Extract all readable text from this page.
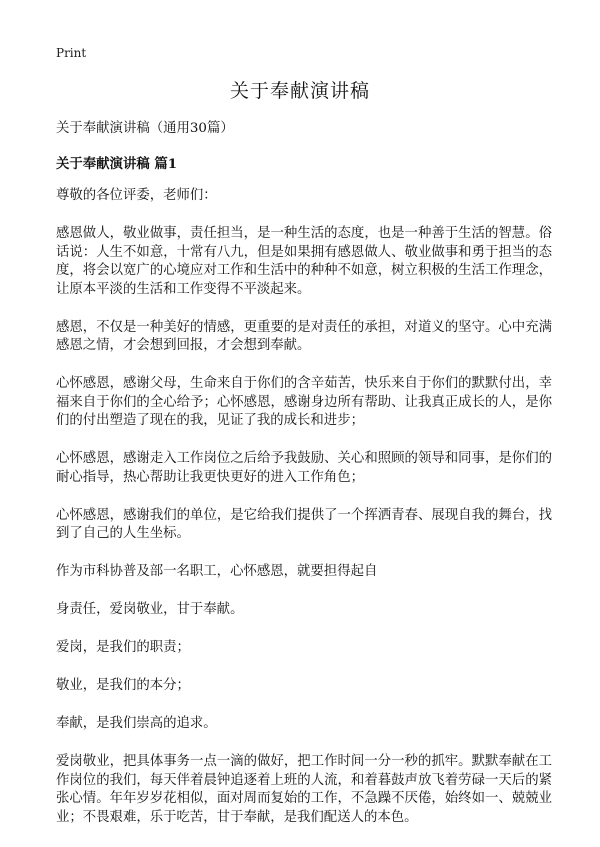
Print
关于奉献演讲稿

关于奉献演讲稿（通用30篇）

关于奉献演讲稿 篇1

尊敬的各位评委，老师们：

感恩做人，敬业做事，责任担当，是一种生活的态度，也是一种善于生活的智慧。俗话说：人生不如意，十常有八九，但是如果拥有感恩做人、敬业做事和勇于担当的态度，将会以宽广的心境应对工作和生活中的种种不如意，树立积极的生活工作理念，让原本平淡的生活和工作变得不平淡起来。

感恩，不仅是一种美好的情感，更重要的是对责任的承担，对道义的坚守。心中充满感恩之情，才会想到回报，才会想到奉献。

心怀感恩，感谢父母，生命来自于你们的含辛茹苦，快乐来自于你们的默默付出，幸福来自于你们的全心给予；心怀感恩，感谢身边所有帮助、让我真正成长的人，是你们的付出塑造了现在的我，见证了我的成长和进步；

心怀感恩，感谢走入工作岗位之后给予我鼓励、关心和照顾的领导和同事，是你们的耐心指导，热心帮助让我更快更好的进入工作角色；

心怀感恩，感谢我们的单位，是它给我们提供了一个挥洒青春、展现自我的舞台，找到了自己的人生坐标。

作为市科协普及部一名职工，心怀感恩，就要担得起自

身责任，爱岗敬业，甘于奉献。

爱岗，是我们的职责；

敬业，是我们的本分；

奉献，是我们崇高的追求。

爱岗敬业，把具体事务一点一滴的做好，把工作时间一分一秒的抓牢。默默奉献在工作岗位的我们，每天伴着晨钟追逐着上班的人流，和着暮鼓声放飞着劳碌一天后的紧张心情。年年岁岁花相似，面对周而复始的工作，不急躁不厌倦，始终如一、兢兢业业；不畏艰难，乐于吃苦，甘于奉献，是我们配送人的本色。
